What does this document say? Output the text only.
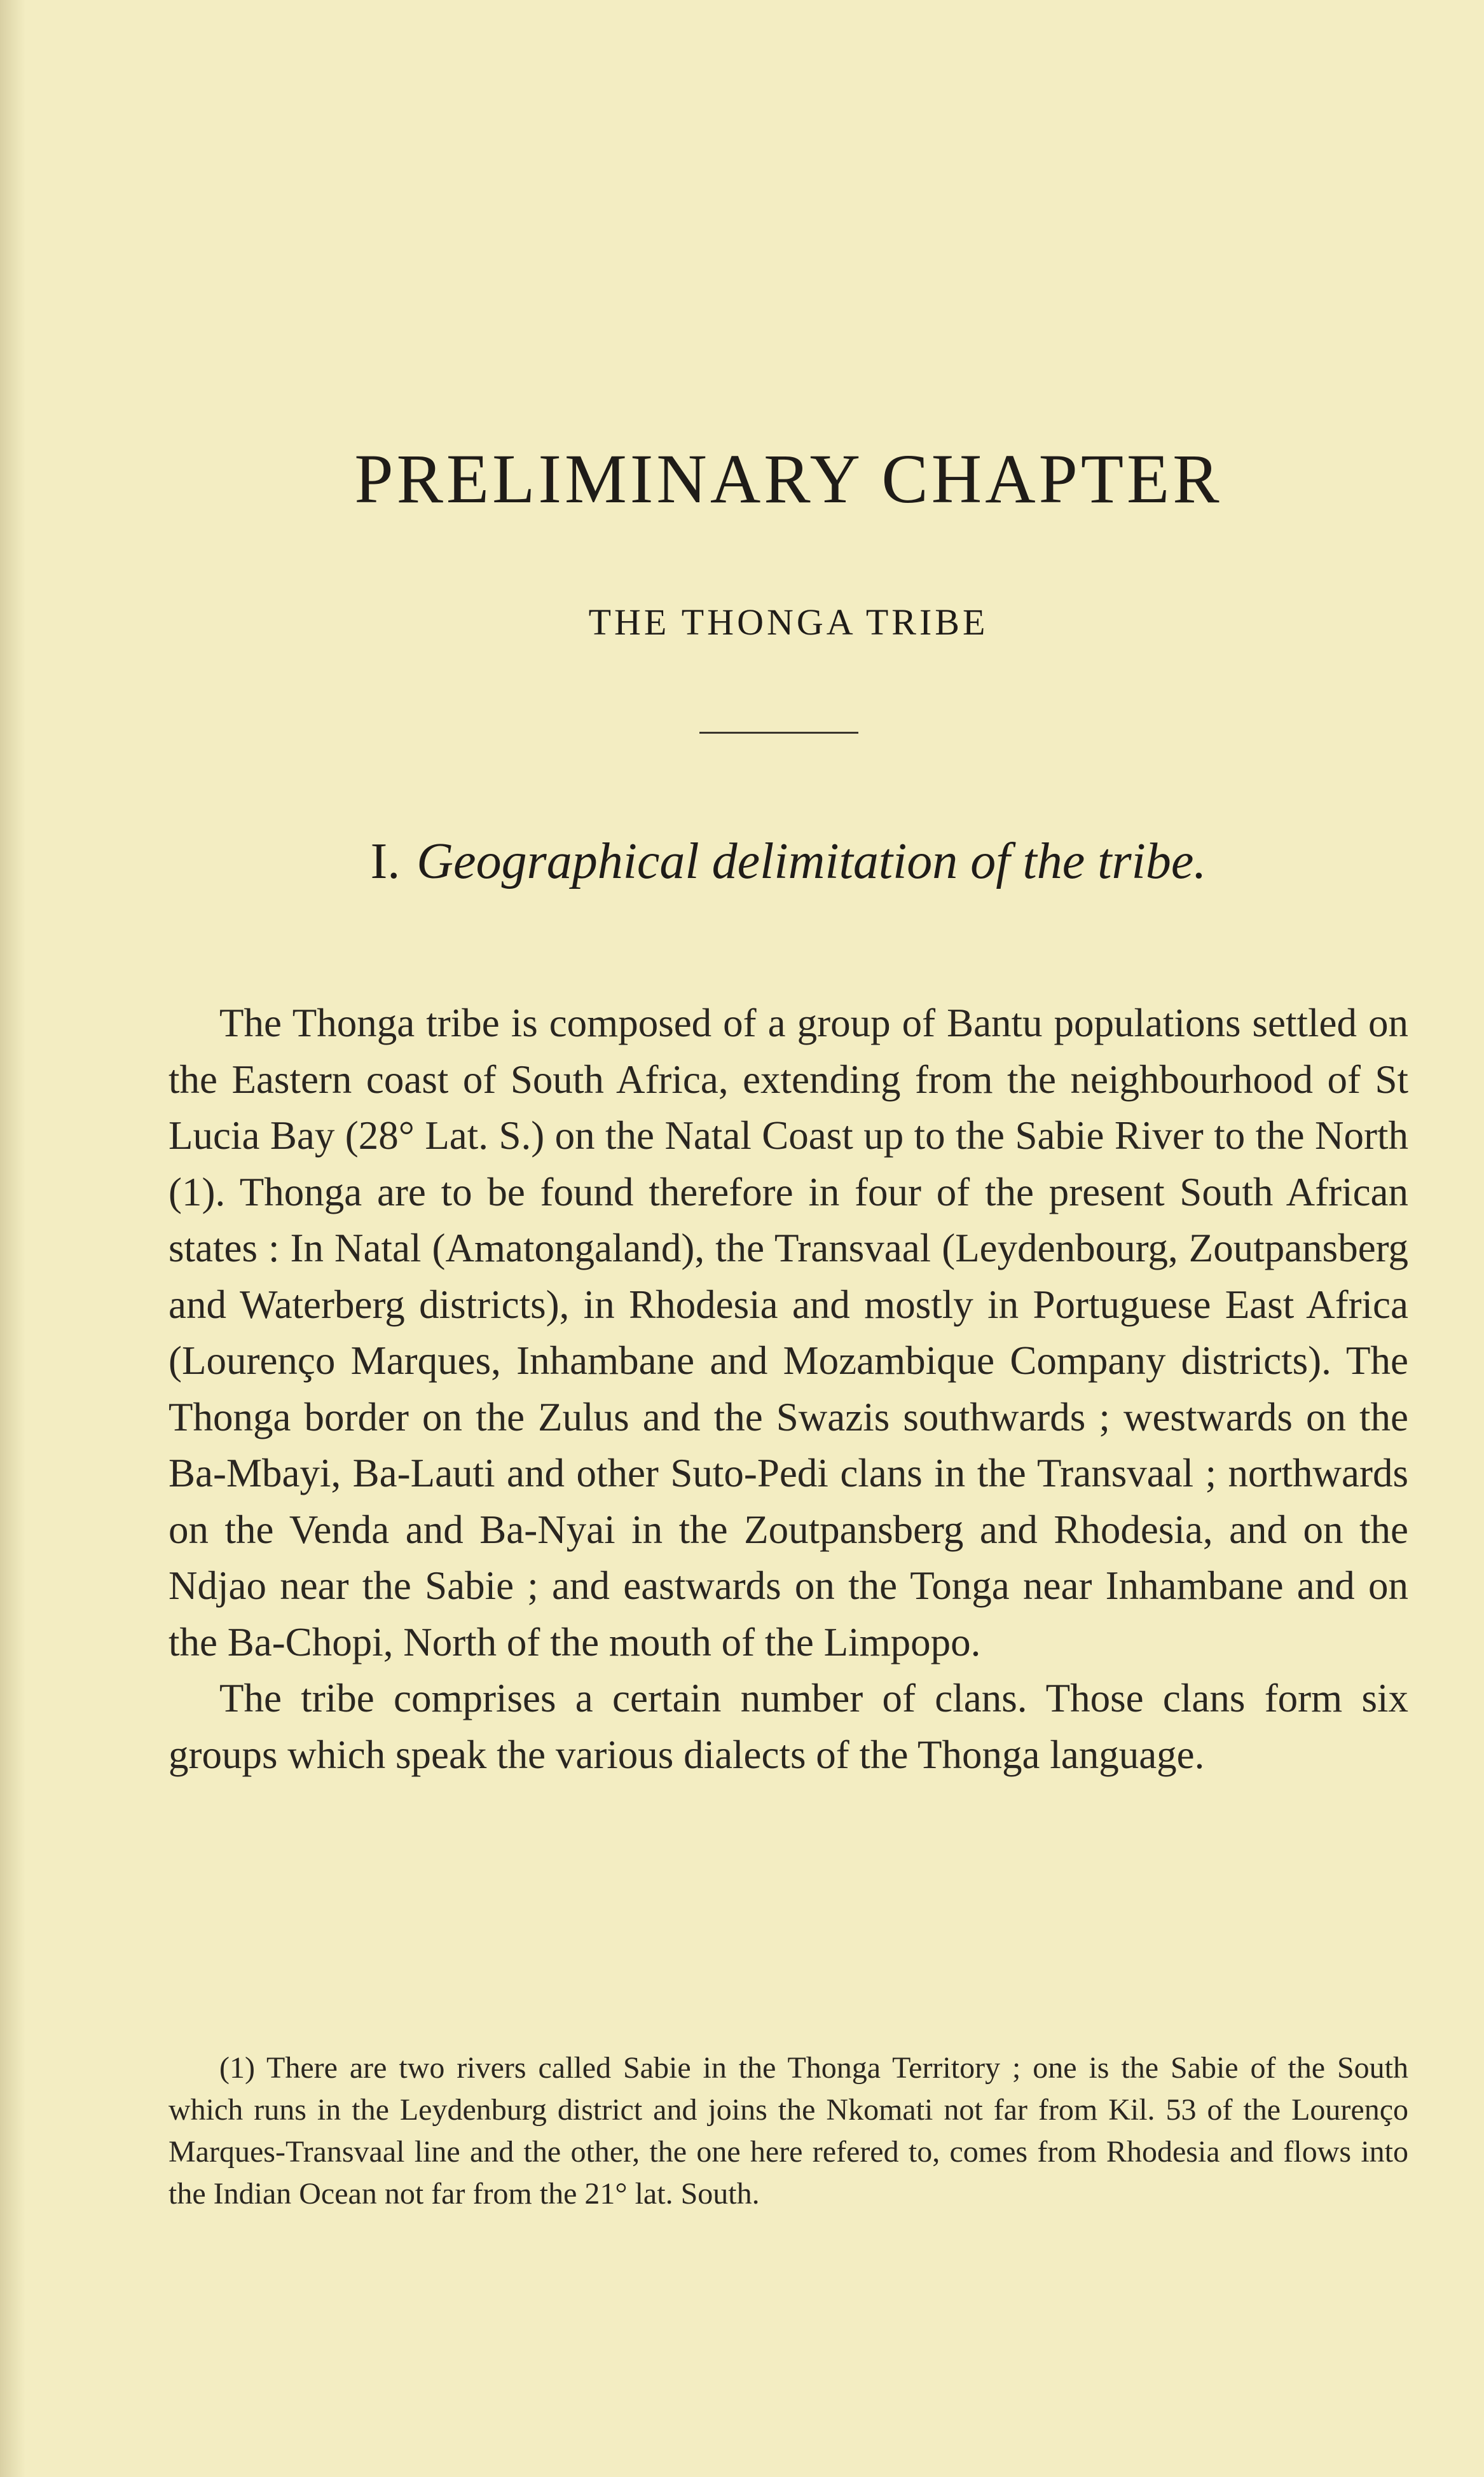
PRELIMINARY CHAPTER
THE THONGA TRIBE
I. Geographical delimitation of the tribe.

The Thonga tribe is composed of a group of Bantu populations settled on the Eastern coast of South Africa, extending from the neighbourhood of St Lucia Bay (28° Lat. S.) on the Natal Coast up to the Sabie River to the North (1). Thonga are to be found therefore in four of the present South African states : In Natal (Amatongaland), the Transvaal (Leydenbourg, Zoutpansberg and Waterberg districts), in Rhodesia and mostly in Portuguese East Africa (Lourenço Marques, Inhambane and Mozambique Company districts). The Thonga border on the Zulus and the Swazis southwards ; westwards on the Ba-Mbayi, Ba-Lauti and other Suto-Pedi clans in the Transvaal ; northwards on the Venda and Ba-Nyai in the Zoutpansberg and Rhodesia, and on the Ndjao near the Sabie ; and eastwards on the Tonga near Inhambane and on the Ba-Chopi, North of the mouth of the Limpopo.

The tribe comprises a certain number of clans. Those clans form six groups which speak the various dialects of the Thonga language.

(1) There are two rivers called Sabie in the Thonga Territory ; one is the Sabie of the South which runs in the Leydenburg district and joins the Nkomati not far from Kil. 53 of the Lourenço Marques-Transvaal line and the other, the one here refered to, comes from Rhodesia and flows into the Indian Ocean not far from the 21° lat. South.
